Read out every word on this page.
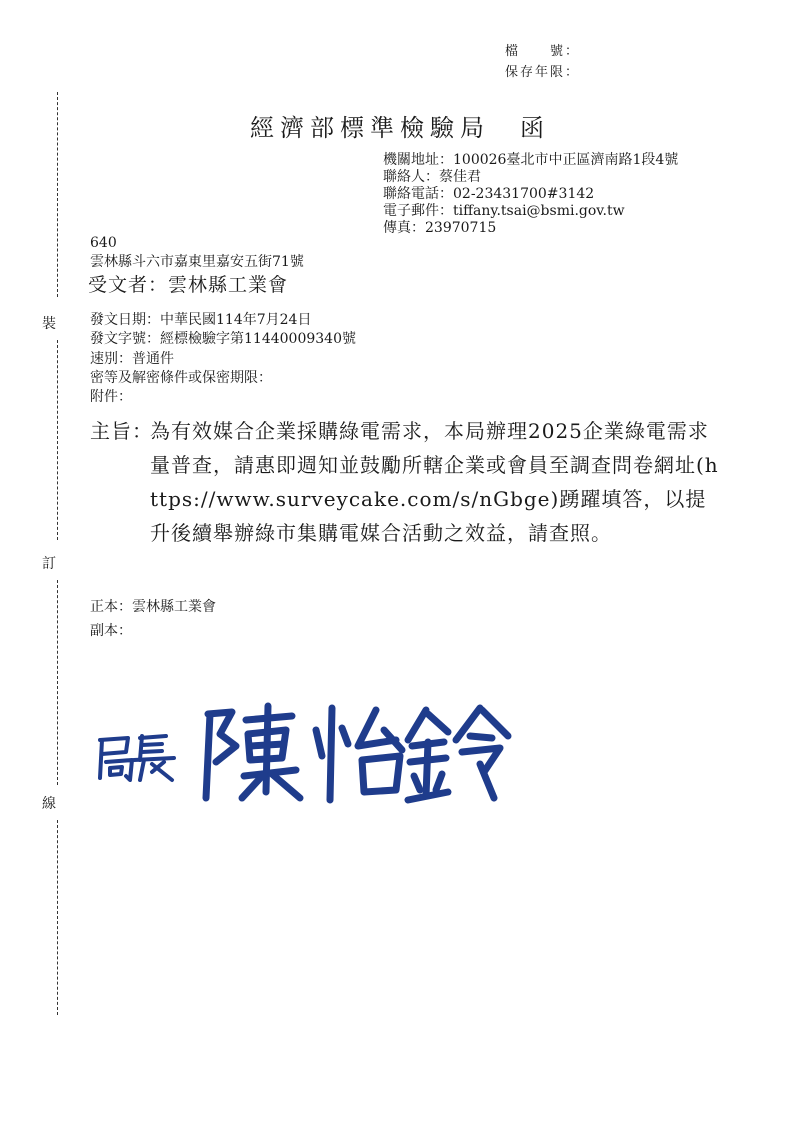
檔　　號：
保存年限：
裝
訂
線
經濟部標準檢驗局　函
機關地址：100026臺北市中正區濟南路1段4號
聯絡人：蔡佳君
聯絡電話：02-23431700#3142
電子郵件：tiffany.tsai@bsmi.gov.tw
傳真：23970715
640
雲林縣斗六市嘉東里嘉安五街71號
受文者：雲林縣工業會
發文日期：中華民國114年7月24日
發文字號：經標檢驗字第11440009340號
速別：普通件
密等及解密條件或保密期限：
附件：
主旨：
為有效媒合企業採購綠電需求，本局辦理2025企業綠電需求量普查，請惠即週知並鼓勵所轄企業或會員至調查問卷網址(https://www.surveycake.com/s/nGbge)踴躍填答，以提升後續舉辦綠市集購電媒合活動之效益，請查照。
正本：雲林縣工業會
副本：
